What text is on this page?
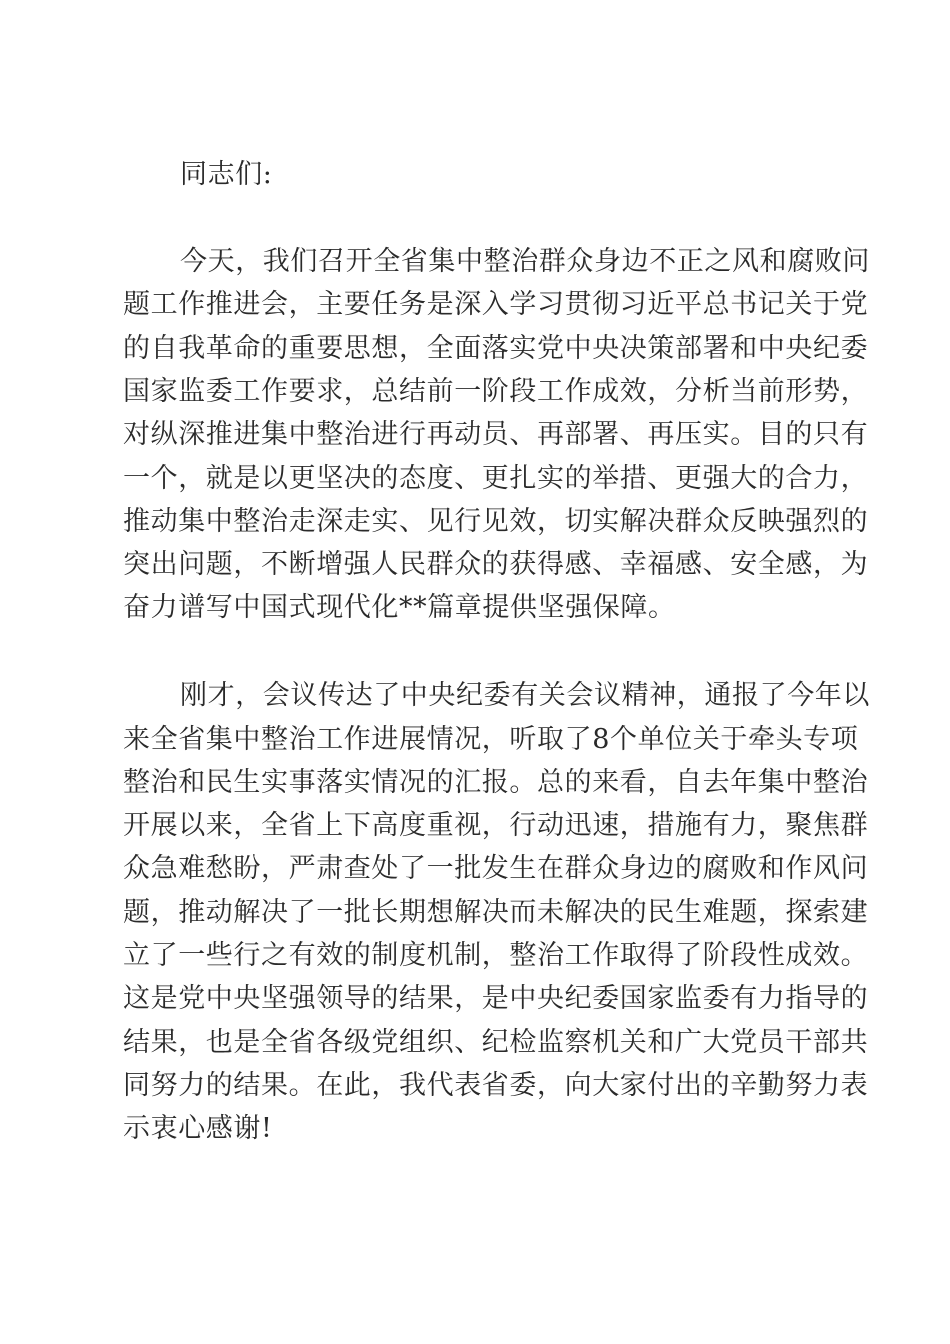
同志们:
今天，我们召开全省集中整治群众身边不正之风和腐败问
题工作推进会，主要任务是深入学习贯彻习近平总书记关于党
的自我革命的重要思想，全面落实党中央决策部署和中央纪委
国家监委工作要求，总结前一阶段工作成效，分析当前形势，
对纵深推进集中整治进行再动员、再部署、再压实。目的只有
一个，就是以更坚决的态度、更扎实的举措、更强大的合力，
推动集中整治走深走实、见行见效，切实解决群众反映强烈的
突出问题，不断增强人民群众的获得感、幸福感、安全感，为
奋力谱写中国式现代化**篇章提供坚强保障。
刚才，会议传达了中央纪委有关会议精神，通报了今年以
来全省集中整治工作进展情况，听取了8个单位关于牵头专项
整治和民生实事落实情况的汇报。总的来看，自去年集中整治
开展以来，全省上下高度重视，行动迅速，措施有力，聚焦群
众急难愁盼，严肃查处了一批发生在群众身边的腐败和作风问
题，推动解决了一批长期想解决而未解决的民生难题，探索建
立了一些行之有效的制度机制，整治工作取得了阶段性成效。
这是党中央坚强领导的结果，是中央纪委国家监委有力指导的
结果，也是全省各级党组织、纪检监察机关和广大党员干部共
同努力的结果。在此，我代表省委，向大家付出的辛勤努力表
示衷心感谢!
